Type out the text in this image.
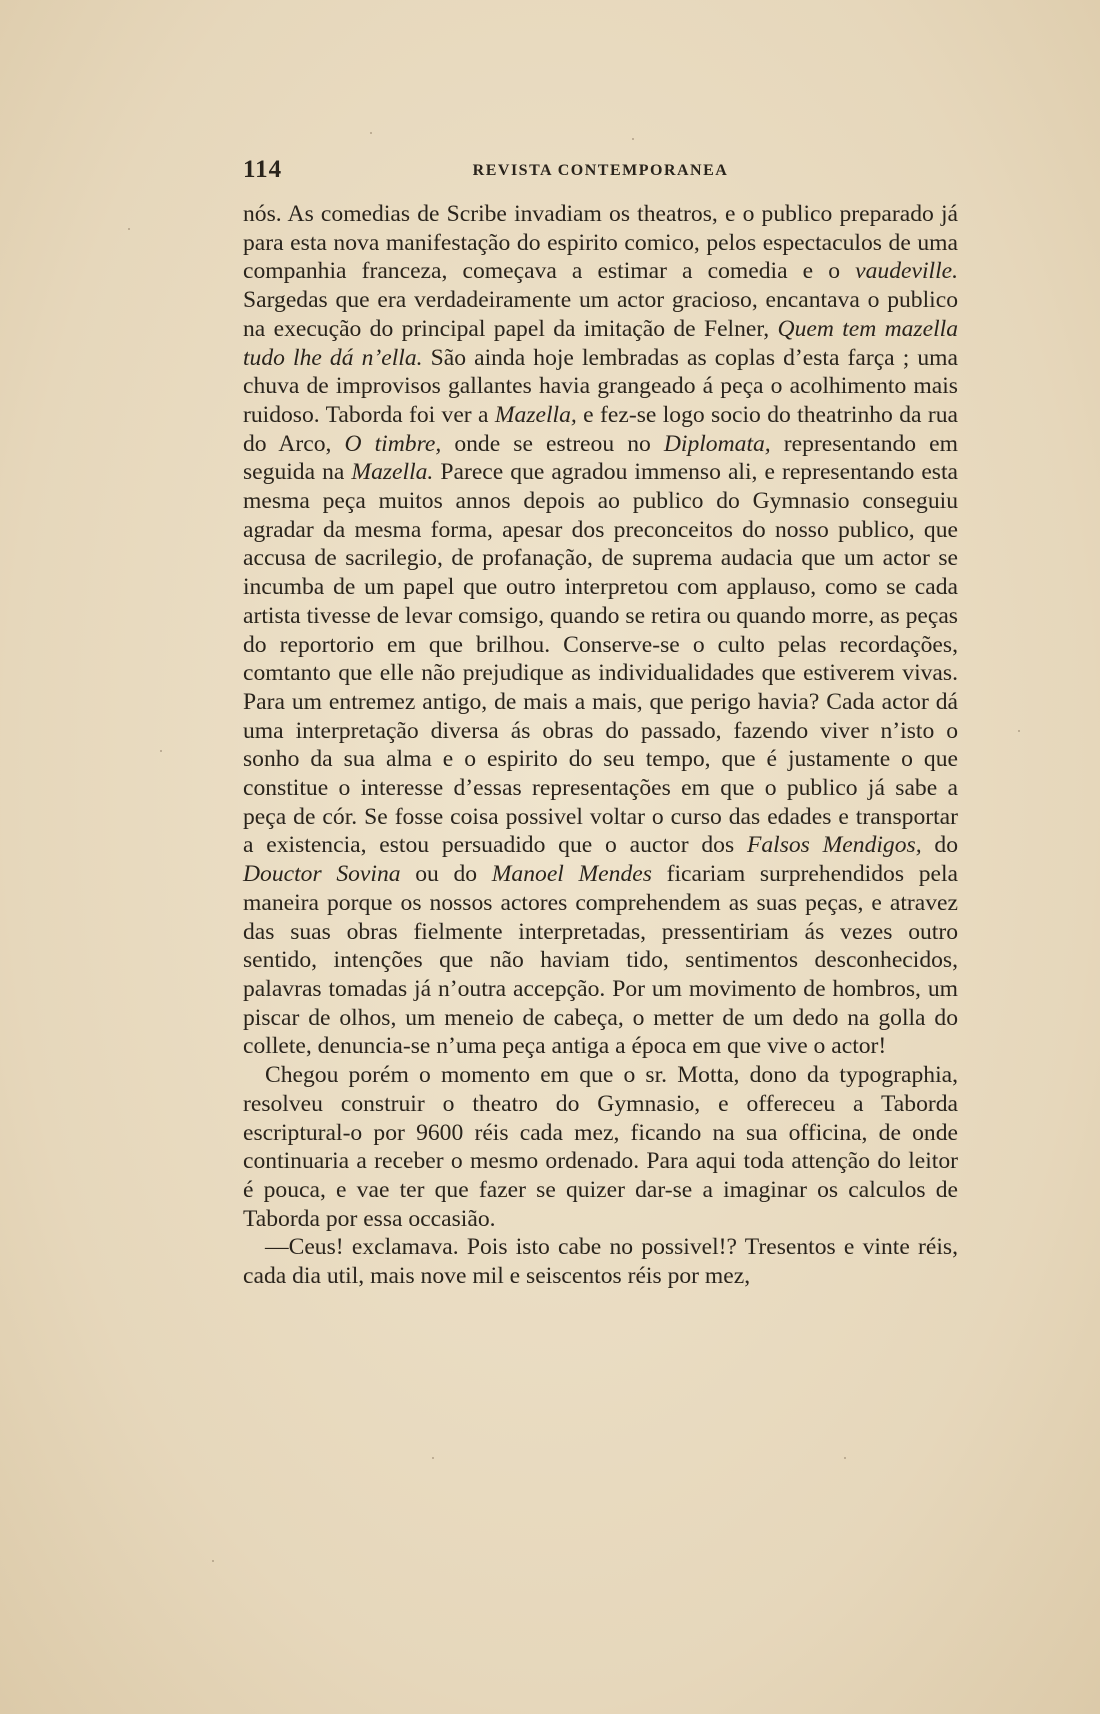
114	REVISTA CONTEMPORANEA

nós. As comedias de Scribe invadiam os theatros, e o publico preparado já para esta nova manifestação do espirito comico, pelos espectaculos de uma companhia franceza, começava a estimar a comedia e o vaudeville. Sargedas que era verdadeiramente um actor gracioso, encantava o publico na execução do principal papel da imitação de Felner, Quem tem mazella tudo lhe dá n’ella. São ainda hoje lembradas as coplas d’esta farça ; uma chuva de improvisos gallantes havia grangeado á peça o acolhimento mais ruidoso. Taborda foi ver a Mazella, e fez-se logo socio do theatrinho da rua do Arco, O timbre, onde se estreou no Diplomata, representando em seguida na Mazella. Parece que agradou immenso ali, e representando esta mesma peça muitos annos depois ao publico do Gymnasio conseguiu agradar da mesma forma, apesar dos preconceitos do nosso publico, que accusa de sacrilegio, de profanação, de suprema audacia que um actor se incumba de um papel que outro interpretou com applauso, como se cada artista tivesse de levar comsigo, quando se retira ou quando morre, as peças do reportorio em que brilhou. Conserve-se o culto pelas recordações, comtanto que elle não prejudique as individualidades que estiverem vivas. Para um entremez antigo, de mais a mais, que perigo havia? Cada actor dá uma interpretação diversa ás obras do passado, fazendo viver n’isto o sonho da sua alma e o espirito do seu tempo, que é justamente o que constitue o interesse d’essas representações em que o publico já sabe a peça de cór. Se fosse coisa possivel voltar o curso das edades e transportar a existencia, estou persuadido que o auctor dos Falsos Mendigos, do Douctor Sovina ou do Manoel Mendes ficariam surprehendidos pela maneira porque os nossos actores comprehendem as suas peças, e atravez das suas obras fielmente interpretadas, pressentiriam ás vezes outro sentido, intenções que não haviam tido, sentimentos desconhecidos, palavras tomadas já n’outra accepção. Por um movimento de hombros, um piscar de olhos, um meneio de cabeça, o metter de um dedo na golla do collete, denuncia-se n’uma peça antiga a época em que vive o actor!

Chegou porém o momento em que o sr. Motta, dono da typographia, resolveu construir o theatro do Gymnasio, e offereceu a Taborda escriptural-o por 9600 réis cada mez, ficando na sua officina, de onde continuaria a receber o mesmo ordenado. Para aqui toda attenção do leitor é pouca, e vae ter que fazer se quizer dar-se a imaginar os calculos de Taborda por essa occasião.

—Ceus! exclamava. Pois isto cabe no possivel!? Tresentos e vinte réis, cada dia util, mais nove mil e seiscentos réis por mez,
